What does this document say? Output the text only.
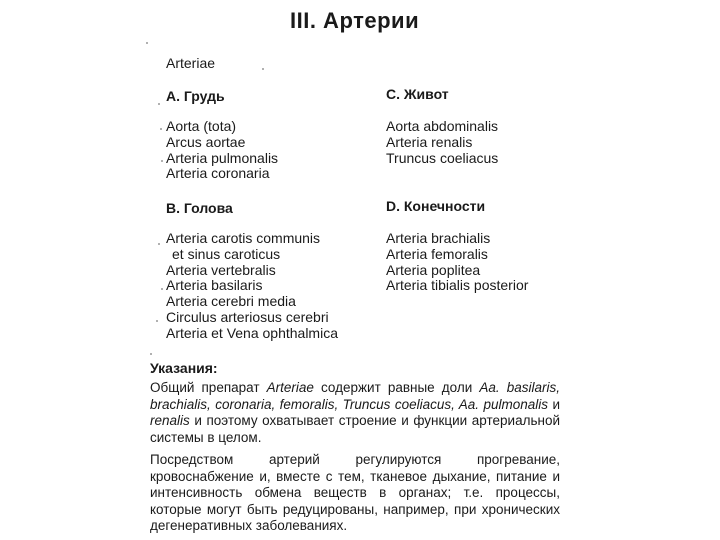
III. Артерии
Arteriae
A. Грудь
Aorta (tota)
Arcus aortae
Arteria pulmonalis
Arteria coronaria
B. Голова
Arteria carotis communis
et sinus caroticus
Arteria vertebralis
Arteria basilaris
Arteria cerebri media
Circulus arteriosus cerebri
Arteria et Vena ophthalmica
C. Живот
Aorta abdominalis
Arteria renalis
Truncus coeliacus
D. Конечности
Arteria brachialis
Arteria femoralis
Arteria poplitea
Arteria tibialis posterior
Указания:

Общий препарат Arteriae содержит равные доли Aa. basilaris, brachialis, coronaria, femoralis, Truncus coeliacus, Aa. pulmonalis и renalis и поэтому охватывает строение и функции артериальной системы в целом.

Посредством артерий регулируются прогревание, кровоснабжение и, вместе с тем, тканевое дыхание, питание и интенсивность обмена веществ в органах; т.е. процессы, которые могут быть редуцированы, например, при хронических дегенеративных заболеваниях.
